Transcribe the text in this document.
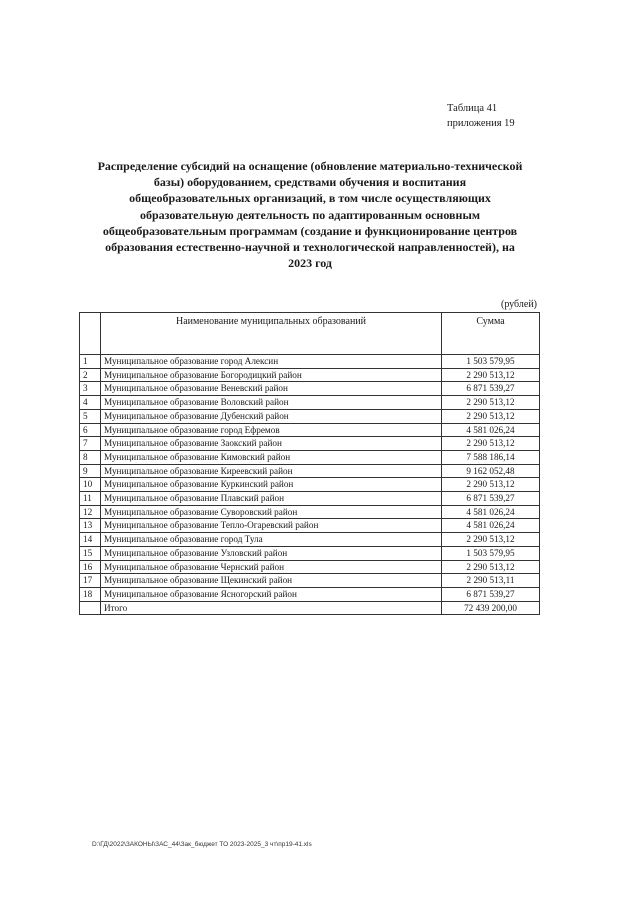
Таблица 41
приложения 19
Распределение субсидий на оснащение (обновление материально-технической
базы) оборудованием, средствами обучения и воспитания
общеобразовательных организаций, в том числе осуществляющих
образовательную деятельность по адаптированным основным
общеобразовательным программам (создание и функционирование центров
образования естественно-научной и технологической направленностей), на
2023 год
(рублей)
	Наименование муниципальных образований	Сумма
1	Муниципальное образование город Алексин	1 503 579,95
2	Муниципальное образование Богородицкий район	2 290 513,12
3	Муниципальное образование Веневский район	6 871 539,27
4	Муниципальное образование Воловский район	2 290 513,12
5	Муниципальное образование Дубенский район	2 290 513,12
6	Муниципальное образование город Ефремов	4 581 026,24
7	Муниципальное образование Заокский район	2 290 513,12
8	Муниципальное образование Кимовский район	7 588 186,14
9	Муниципальное образование Киреевский район	9 162 052,48
10	Муниципальное образование Куркинский район	2 290 513,12
11	Муниципальное образование Плавский район	6 871 539,27
12	Муниципальное образование Суворовский район	4 581 026,24
13	Муниципальное образование Тепло-Огаревский район	4 581 026,24
14	Муниципальное образование город Тула	2 290 513,12
15	Муниципальное образование Узловский район	1 503 579,95
16	Муниципальное образование Чернский район	2 290 513,12
17	Муниципальное образование Щекинский район	2 290 513,11
18	Муниципальное образование Ясногорский район	6 871 539,27
	Итого	72 439 200,00
D:\ГД\2022\ЗАКОНЫ\ЗАС_44\Зак_бюджет ТО 2023-2025_3 чт\пр19-41.xls
